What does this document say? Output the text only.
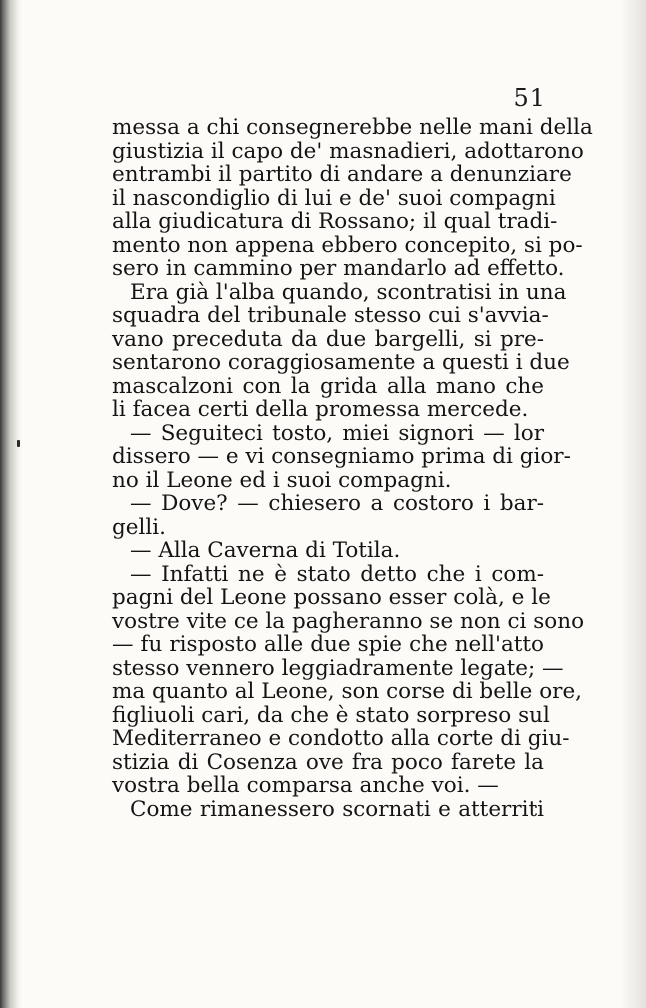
51
messa a chi consegnerebbe nelle mani della
giustizia il capo de' masnadieri, adottarono
entrambi il partito di andare a denunziare
il nascondiglio di lui e de' suoi compagni
alla giudicatura di Rossano; il qual tradi-
mento non appena ebbero concepito, si po-
sero in cammino per mandarlo ad effetto.
Era già l'alba quando, scontratisi in una
squadra del tribunale stesso cui s'avvia-
vano preceduta da due bargelli, si pre-
sentarono coraggiosamente a questi i due
mascalzoni con la grida alla mano che
li facea certi della promessa mercede.
— Seguiteci tosto, miei signori — lor
dissero — e vi consegniamo prima di gior-
no il Leone ed i suoi compagni.
— Dove? — chiesero a costoro i bar-
gelli.
— Alla Caverna di Totila.
— Infatti ne è stato detto che i com-
pagni del Leone possano esser colà, e le
vostre vite ce la pagheranno se non ci sono
— fu risposto alle due spie che nell'atto
stesso vennero leggiadramente legate; —
ma quanto al Leone, son corse di belle ore,
figliuoli cari, da che è stato sorpreso sul
Mediterraneo e condotto alla corte di giu-
stizia di Cosenza ove fra poco farete la
vostra bella comparsa anche voi. —
Come rimanessero scornati e atterriti
